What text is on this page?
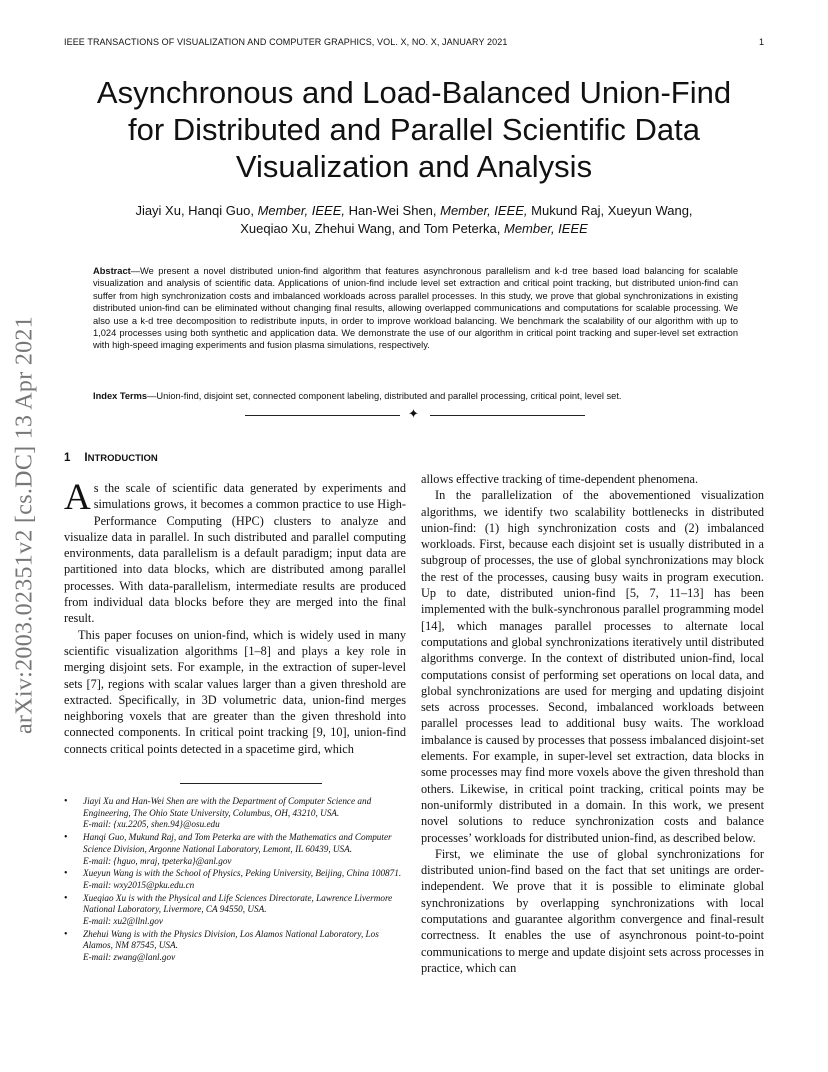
IEEE TRANSACTIONS OF VISUALIZATION AND COMPUTER GRAPHICS, VOL. X, NO. X, JANUARY 2021	1
arXiv:2003.02351v2 [cs.DC] 13 Apr 2021
Asynchronous and Load-Balanced Union-Find
for Distributed and Parallel Scientific Data
Visualization and Analysis
Jiayi Xu, Hanqi Guo, Member, IEEE, Han-Wei Shen, Member, IEEE, Mukund Raj, Xueyun Wang,
Xueqiao Xu, Zhehui Wang, and Tom Peterka, Member, IEEE

Abstract—We present a novel distributed union-find algorithm that features asynchronous parallelism and k-d tree based load balancing for scalable visualization and analysis of scientific data. Applications of union-find include level set extraction and critical point tracking, but distributed union-find can suffer from high synchronization costs and imbalanced workloads across parallel processes. In this study, we prove that global synchronizations in existing distributed union-find can be eliminated without changing final results, allowing overlapped communications and computations for scalable processing. We also use a k-d tree decomposition to redistribute inputs, in order to improve workload balancing. We benchmark the scalability of our algorithm with up to 1,024 processes using both synthetic and application data. We demonstrate the use of our algorithm in critical point tracking and super-level set extraction with high-speed imaging experiments and fusion plasma simulations, respectively.

Index Terms—Union-find, disjoint set, connected component labeling, distributed and parallel processing, critical point, level set.

✦
1 INTRODUCTION

As the scale of scientific data generated by experiments and simulations grows, it becomes a common practice to use High-Performance Computing (HPC) clusters to analyze and visualize data in parallel. In such distributed and parallel computing environments, data parallelism is a default paradigm; input data are partitioned into data blocks, which are distributed among parallel processes. With data-parallelism, intermediate results are produced from individual data blocks before they are merged into the final result.

This paper focuses on union-find, which is widely used in many scientific visualization algorithms [1–8] and plays a key role in merging disjoint sets. For example, in the extraction of super-level sets [7], regions with scalar values larger than a given threshold are extracted. Specifically, in 3D volumetric data, union-find merges neighboring voxels that are greater than the given threshold into connected components. In critical point tracking [9, 10], union-find connects critical points detected in a spacetime gird, which

• Jiayi Xu and Han-Wei Shen are with the Department of Computer Science and Engineering, The Ohio State University, Columbus, OH, 43210, USA.
E-mail: {xu.2205, shen.94}@osu.edu
• Hanqi Guo, Mukund Raj, and Tom Peterka are with the Mathematics and Computer Science Division, Argonne National Laboratory, Lemont, IL 60439, USA.
E-mail: {hguo, mraj, tpeterka}@anl.gov
• Xueyun Wang is with the School of Physics, Peking University, Beijing, China 100871.
E-mail: wxy2015@pku.edu.cn
• Xueqiao Xu is with the Physical and Life Sciences Directorate, Lawrence Livermore National Laboratory, Livermore, CA 94550, USA.
E-mail: xu2@llnl.gov
• Zhehui Wang is with the Physics Division, Los Alamos National Laboratory, Los Alamos, NM 87545, USA.
E-mail: zwang@lanl.gov

allows effective tracking of time-dependent phenomena.

In the parallelization of the abovementioned visualization algorithms, we identify two scalability bottlenecks in distributed union-find: (1) high synchronization costs and (2) imbalanced workloads. First, because each disjoint set is usually distributed in a subgroup of processes, the use of global synchronizations may block the rest of the processes, causing busy waits in program execution. Up to date, distributed union-find [5, 7, 11–13] has been implemented with the bulk-synchronous parallel programming model [14], which manages parallel processes to alternate local computations and global synchronizations iteratively until distributed algorithms converge. In the context of distributed union-find, local computations consist of performing set operations on local data, and global synchronizations are used for merging and updating disjoint sets across processes. Second, imbalanced workloads between parallel processes lead to additional busy waits. The workload imbalance is caused by processes that possess imbalanced disjoint-set elements. For example, in super-level set extraction, data blocks in some processes may find more voxels above the given threshold than others. Likewise, in critical point tracking, critical points may be non-uniformly distributed in a domain. In this work, we present novel solutions to reduce synchronization costs and balance processes’ workloads for distributed union-find, as described below.

First, we eliminate the use of global synchronizations for distributed union-find based on the fact that set unitings are order-independent. We prove that it is possible to eliminate global synchronizations by overlapping synchronizations with local computations and guarantee algorithm convergence and final-result correctness. It enables the use of asynchronous point-to-point communications to merge and update disjoint sets across processes in practice, which can
